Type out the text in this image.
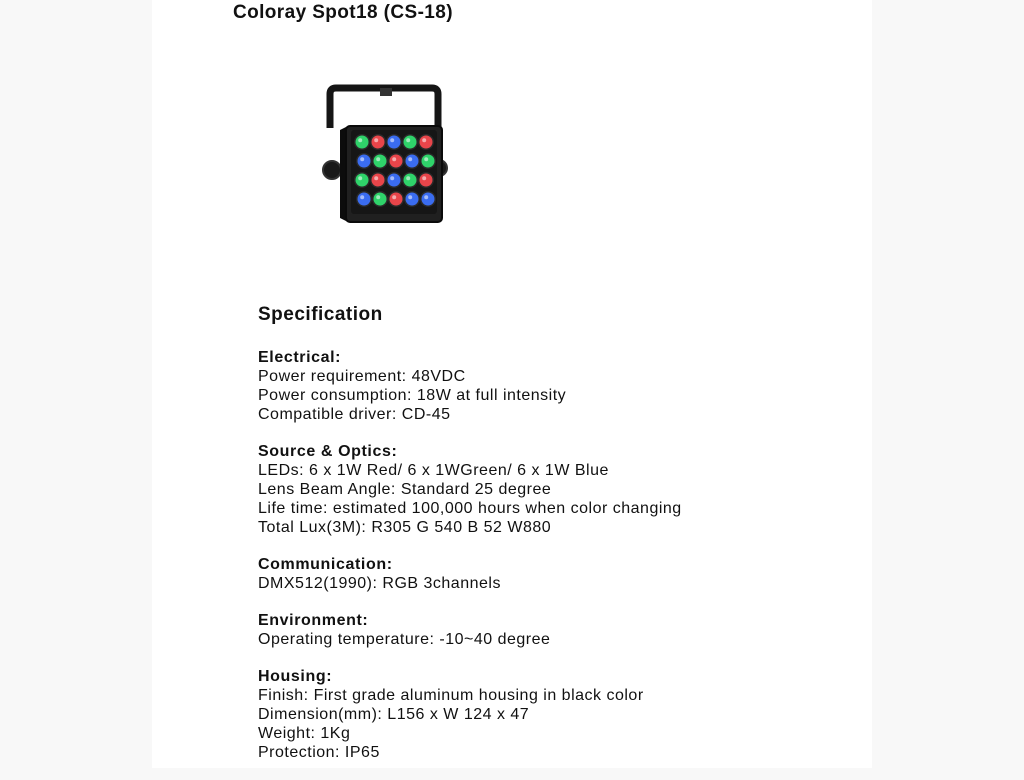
Coloray Spot18 (CS-18)
Specification
Electrical:
Power requirement: 48VDC
Power consumption: 18W at full intensity
Compatible driver: CD-45
Source & Optics:
LEDs: 6 x 1W Red/ 6 x 1WGreen/ 6 x 1W Blue
Lens Beam Angle: Standard 25 degree
Life time: estimated 100,000 hours when color changing
Total Lux(3M): R305 G 540 B 52 W880
Communication:
DMX512(1990): RGB 3channels
Environment:
Operating temperature: -10~40 degree
Housing:
Finish: First grade aluminum housing in black color
Dimension(mm): L156 x W 124 x 47
Weight: 1Kg
Protection: IP65
